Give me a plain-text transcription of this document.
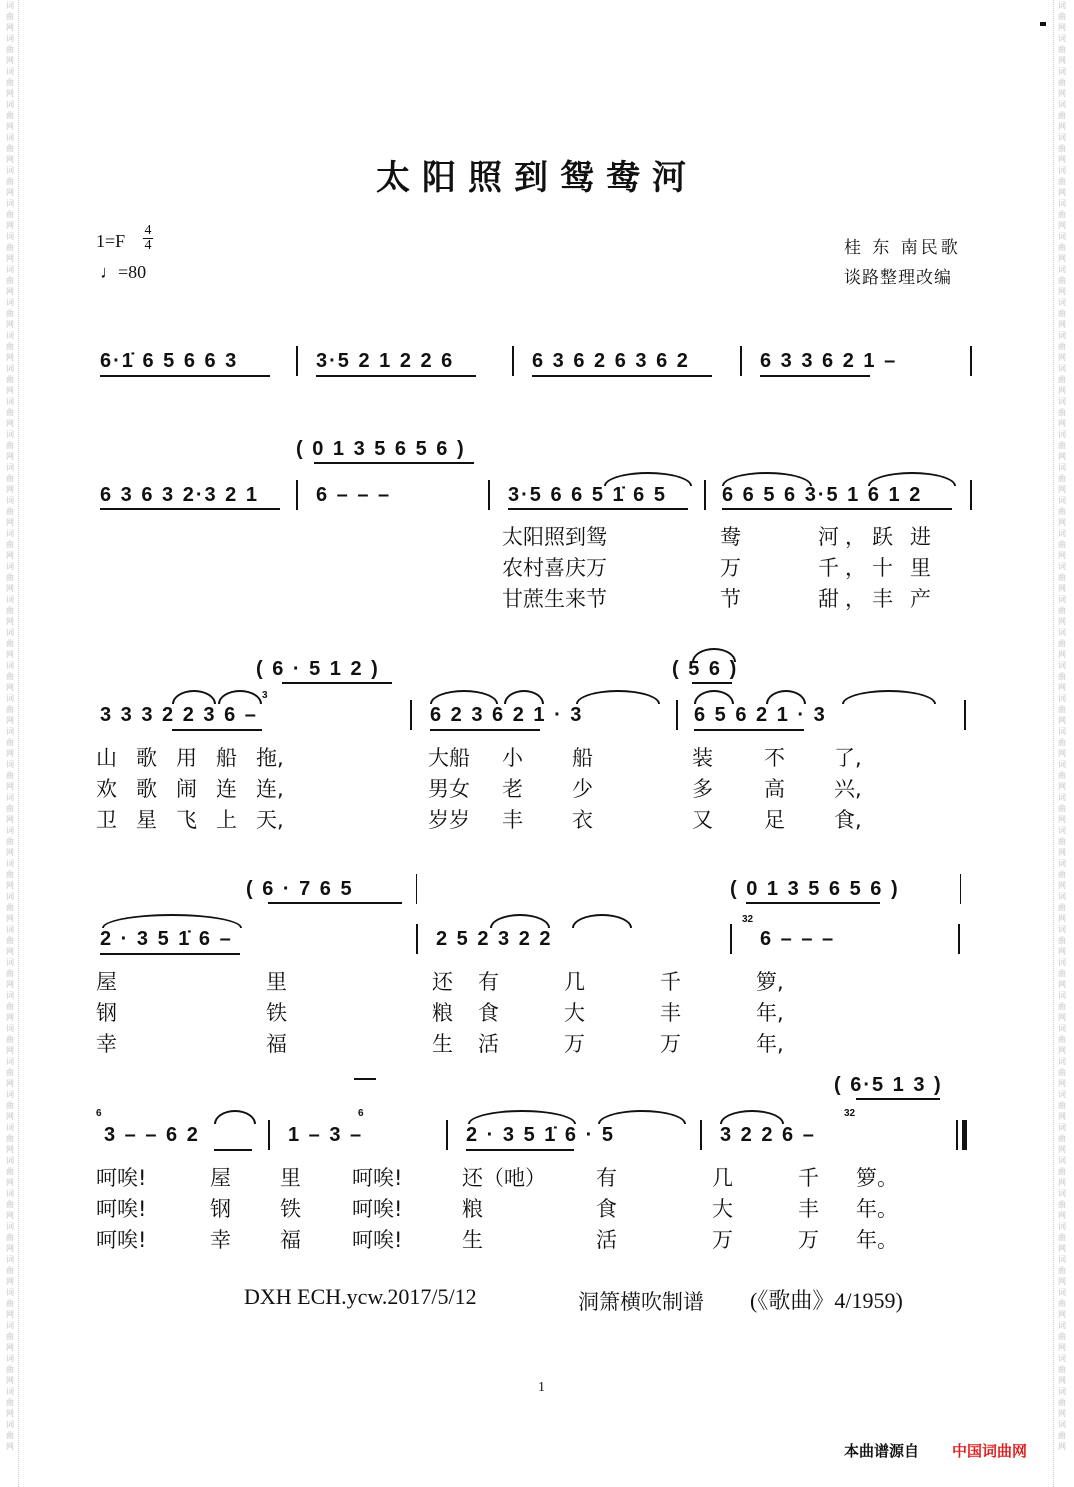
词
曲
网
词
曲
网
词
曲
网
词
曲
网
词
曲
网
词
曲
网
词
曲
网
词
曲
网
词
曲
网
词
曲
网
词
曲
网
词
曲
网
词
曲
网
词
曲
网
词
曲
网
词
曲
网
词
曲
网
词
曲
网
词
曲
网
词
曲
网
词
曲
网
词
曲
网
词
曲
网
词
曲
网
词
曲
网
词
曲
网
词
曲
网
词
曲
网
词
曲
网
词
曲
网
词
曲
网
词
曲
网
词
曲
网
词
曲
网
词
曲
网
词
曲
网
词
曲
网
词
曲
网
词
曲
网
词
曲
网
词
曲
网
词
曲
网
词
曲
网
词
曲
网
词
曲
网
词
曲
网
词
曲
网
词
曲
网
词
曲
网
词
曲
网
词
曲
网
词
曲
网
词
曲
网
词
曲
网
词
曲
网
词
曲
网
词
曲
网
词
曲
网
词
曲
网
词
曲
网
词
曲
网
词
曲
网
词
曲
网
词
曲
网
词
曲
网
词
曲
网
词
曲
网
词
曲
网
词
曲
网
词
曲
网
词
曲
网
词
曲
网
词
曲
网
词
曲
网
词
曲
网
词
曲
网
词
曲
网
词
曲
网
词
曲
网
词
曲
网
词
曲
网
词
曲
网
词
曲
网
词
曲
网
词
曲
网
词
曲
网
词
曲
网
词
曲
网
太阳照到鸳鸯河
1=F
4
4
♩=80
桂 东 南民歌
谈路整理改编
6·1̇ 6 5 6 6 3	3·5 2 1 2 2 6	6 3 6 2 6 3 6 2	6 3 3 6 2 1 –
( 0 1 3 5 6 5 6 )
6 3 6 3 2·3 2 1	6 – – –	3·5 6 6 5 1̇ 6 5	6 6 5 6 3·5 1 6 1 2
太阳照到鸳	鸯	河，跃 进
农村喜庆万	万	千，十 里
甘蔗生来节	节	甜，丰 产
( 6 · 5 1 2 )	( 5 6 )
3
3 3 3 2 2 3 6 –	6 2 3 6 2 1 · 3	6 5 6 2 1 · 3
山 歌 用 船 拖,	大船 小 船	装 不 了,
欢 歌 闹 连 连,	男女 老 少	多 高 兴,
卫 星 飞 上 天,	岁岁 丰 衣	又 足 食,
( 6 · 7 6 5	( 0 1 3 5 6 5 6 )
32
2 · 3 5 1̇ 6 –	2 5 2 3 2 2	6 – – –
屋	里	还 有	几	千	箩,
钢	铁	粮 食	大	丰	年,
幸	福	生 活	万	万	年,
( 6·5 1 3 )
6	6	32
3 – – 6 2	1 – 3 –	2 · 3 5 1̇ 6 · 5	3 2 2 6 –
呵唉!	屋 里 呵唉!	还（吔） 有	几	千 箩。
呵唉!	钢 铁 呵唉!	粮	食	大	丰 年。
呵唉!	幸 福 呵唉!	生	活	万	万 年。
DXH ECH.ycw.2017/5/12	洞箫横吹制谱 (《歌曲》4/1959)
1
本曲谱源自 中国词曲网
